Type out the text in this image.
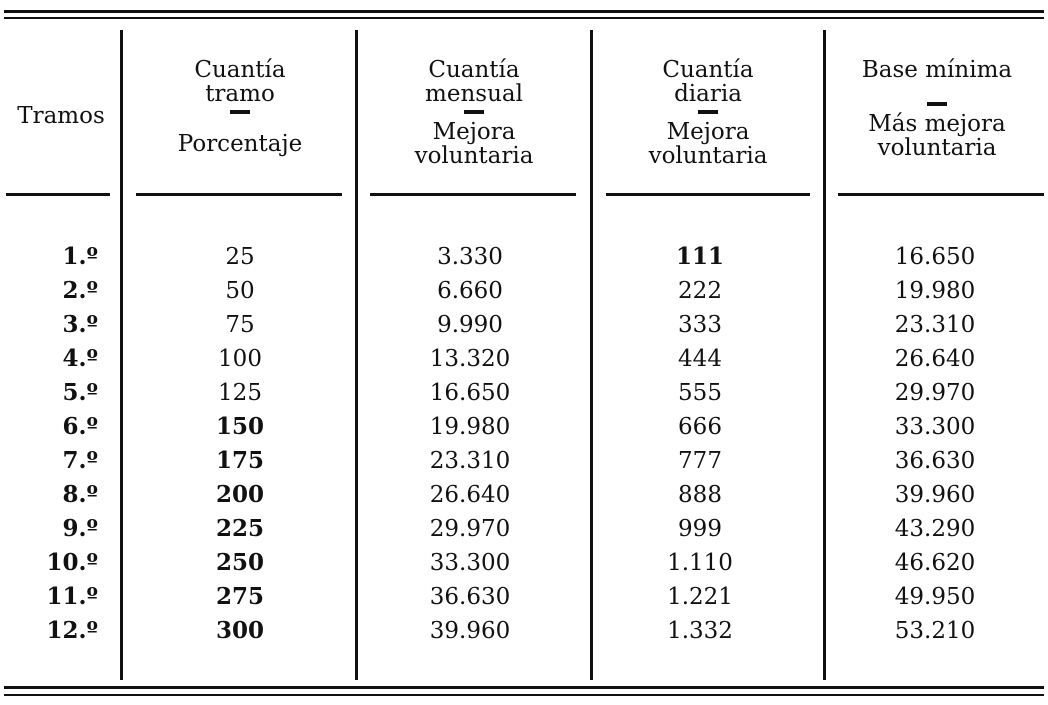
Tramos
Cuantía
tramo
Porcentaje
Cuantía
mensual
Mejora
voluntaria
Cuantía
diaria
Mejora
voluntaria
Base mínima
Más mejora
voluntaria
1.º
2.º
3.º
4.º
5.º
6.º
7.º
8.º
9.º
10.º
11.º
12.º
25
50
75
100
125
150
175
200
225
250
275
300
3.330
6.660
9.990
13.320
16.650
19.980
23.310
26.640
29.970
33.300
36.630
39.960
111
222
333
444
555
666
777
888
999
1.110
1.221
1.332
16.650
19.980
23.310
26.640
29.970
33.300
36.630
39.960
43.290
46.620
49.950
53.210
